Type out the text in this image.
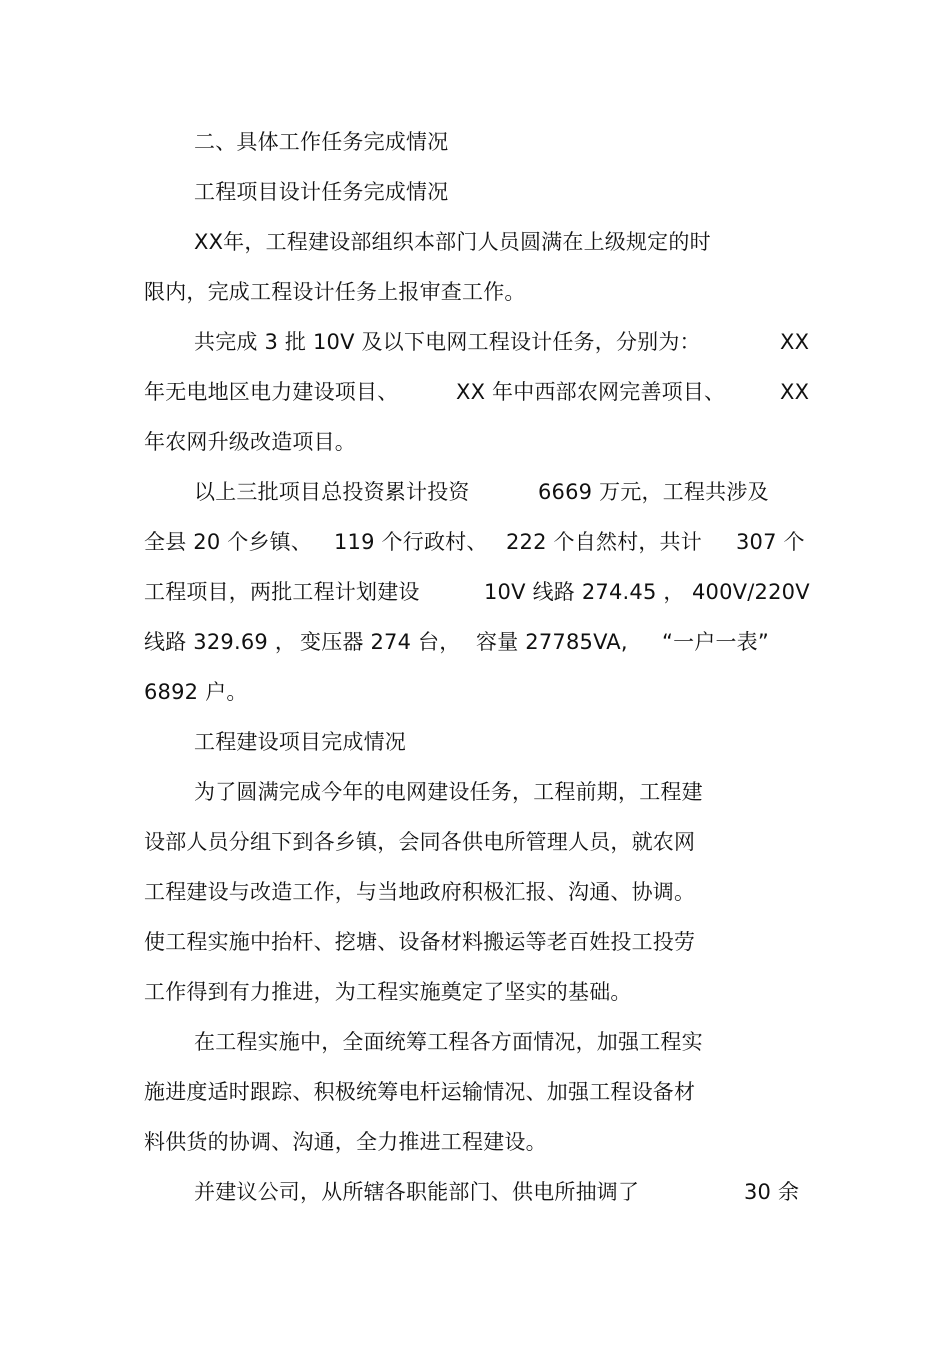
二、具体工作任务完成情况
工程项目设计任务完成情况
XX年，工程建设部组织本部门人员圆满在上级规定的时
限内，完成工程设计任务上报审查工作。
共完成 3 批 10V 及以下电网工程设计任务，分别为：	XX
年无电地区电力建设项目、	XX 年中西部农网完善项目、	XX
年农网升级改造项目。
以上三批项目总投资累计投资	6669 万元，工程共涉及
全县 20 个乡镇、 119 个行政村、 222 个自然村，共计 307 个
工程项目，两批工程计划建设	10V 线路 274.45 ， 400V/220V
线路 329.69 ， 变压器 274 台， 容量 27785VA, “一户一表”
6892 户。
工程建设项目完成情况
为了圆满完成今年的电网建设任务，工程前期，工程建
设部人员分组下到各乡镇，会同各供电所管理人员，就农网
工程建设与改造工作，与当地政府积极汇报、沟通、协调。
使工程实施中抬杆、挖塘、设备材料搬运等老百姓投工投劳
工作得到有力推进，为工程实施奠定了坚实的基础。
在工程实施中，全面统筹工程各方面情况，加强工程实
施进度适时跟踪、积极统筹电杆运输情况、加强工程设备材
料供货的协调、沟通，全力推进工程建设。
并建议公司，从所辖各职能部门、供电所抽调了	30 余
